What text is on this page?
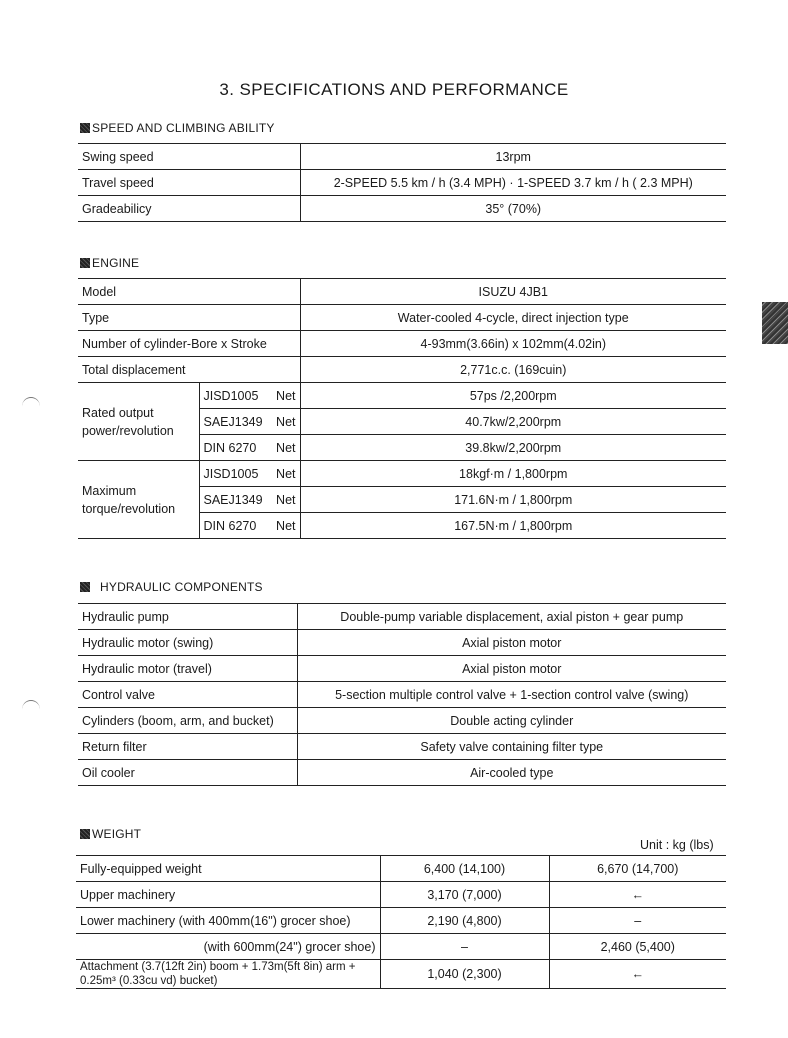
3. SPECIFICATIONS AND PERFORMANCE
SPEED AND CLIMBING ABILITY
Swing speed	13rpm
Travel speed	2-SPEED 5.5 km / h (3.4 MPH) · 1-SPEED 3.7 km / h ( 2.3 MPH)
Gradeabilicy	35° (70%)
ENGINE
Model		ISUZU 4JB1
Type		Water-cooled 4-cycle, direct injection type
Number of cylinder-Bore x Stroke		4-93mm(3.66in) x 102mm(4.02in)
Total displacement		2,771c.c. (169cuin)
Rated output power/revolution	JISD1005 Net	57ps /2,200rpm

	SAEJ1349 Net	40.7kw/2,200rpm

	DIN 6270 Net	39.8kw/2,200rpm
Maximum torque/revolution	JISD1005 Net	18kgf·m / 1,800rpm

	SAEJ1349 Net	171.6N·m / 1,800rpm

	DIN 6270 Net	167.5N·m / 1,800rpm
HYDRAULIC COMPONENTS
Hydraulic pump	Double-pump variable displacement, axial piston + gear pump
Hydraulic motor (swing)	Axial piston motor
Hydraulic motor (travel)	Axial piston motor
Control valve	5-section multiple control valve + 1-section control valve (swing)
Cylinders (boom, arm, and bucket)	Double acting cylinder
Return filter	Safety valve containing filter type
Oil cooler	Air-cooled type
WEIGHT
Unit : kg (lbs)
Fully-equipped weight	6,400 (14,100)	6,670 (14,700)
Upper machinery	3,170 (7,000)	←
Lower machinery (with 400mm(16") grocer shoe)	2,190 (4,800)	–
(with 600mm(24") grocer shoe)	–	2,460 (5,400)
Attachment (3.7(12ft 2in) boom + 1.73m(5ft 8in) arm + 0.25m³ (0.33cu vd) bucket)	1,040 (2,300)	←
